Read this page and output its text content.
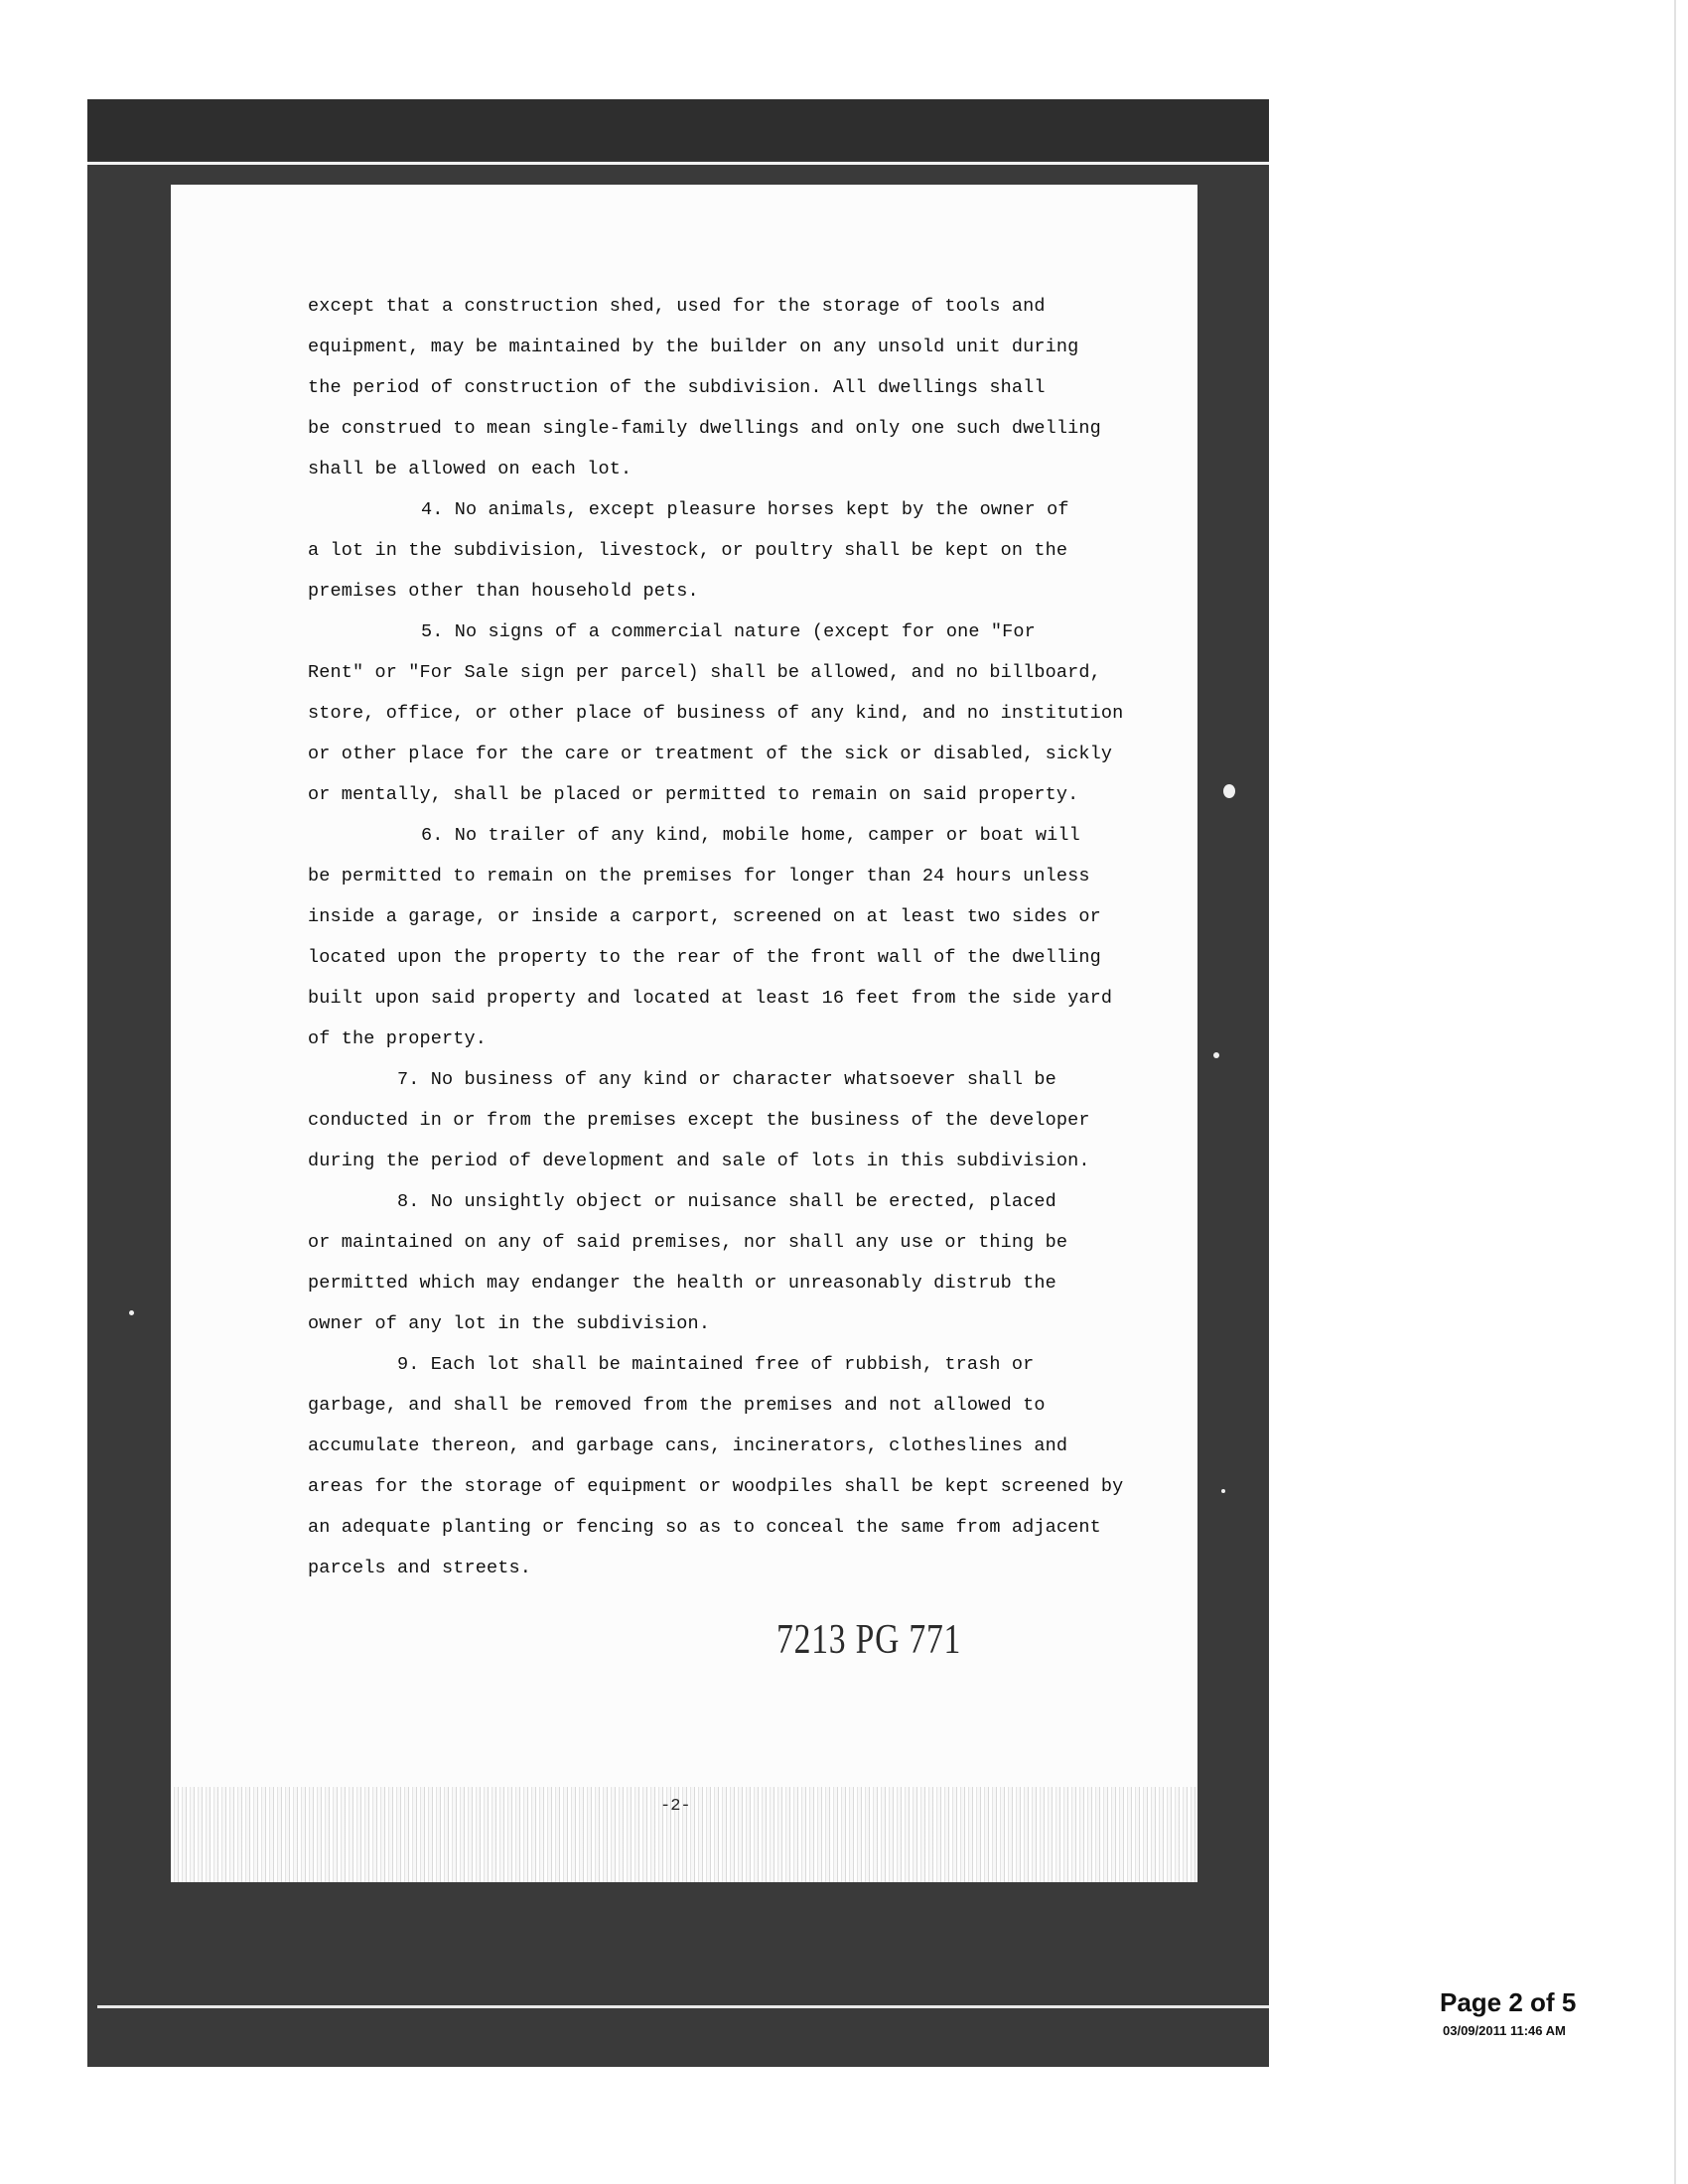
except that a construction shed, used for the storage of tools and
equipment, may be maintained by the builder on any unsold unit during
the period of construction of the subdivision. All dwellings shall
be construed to mean single-family dwellings and only one such dwelling
shall be allowed on each lot.
4. No animals, except pleasure horses kept by the owner of
a lot in the subdivision, livestock, or poultry shall be kept on the
premises other than household pets.
5. No signs of a commercial nature (except for one "For
Rent" or "For Sale sign per parcel) shall be allowed, and no billboard,
store, office, or other place of business of any kind, and no institution
or other place for the care or treatment of the sick or disabled, sickly
or mentally, shall be placed or permitted to remain on said property.
6. No trailer of any kind, mobile home, camper or boat will
be permitted to remain on the premises for longer than 24 hours unless
inside a garage, or inside a carport, screened on at least two sides or
located upon the property to the rear of the front wall of the dwelling
built upon said property and located at least 16 feet from the side yard
of the property.
7. No business of any kind or character whatsoever shall be
conducted in or from the premises except the business of the developer
during the period of development and sale of lots in this subdivision.
8. No unsightly object or nuisance shall be erected, placed
or maintained on any of said premises, nor shall any use or thing be
permitted which may endanger the health or unreasonably distrub the
owner of any lot in the subdivision.
9. Each lot shall be maintained free of rubbish, trash or
garbage, and shall be removed from the premises and not allowed to
accumulate thereon, and garbage cans, incinerators, clotheslines and
areas for the storage of equipment or woodpiles shall be kept screened by
an adequate planting or fencing so as to conceal the same from adjacent
parcels and streets.
7213 PG 771
-2-
Page 2 of 5
03/09/2011 11:46 AM
